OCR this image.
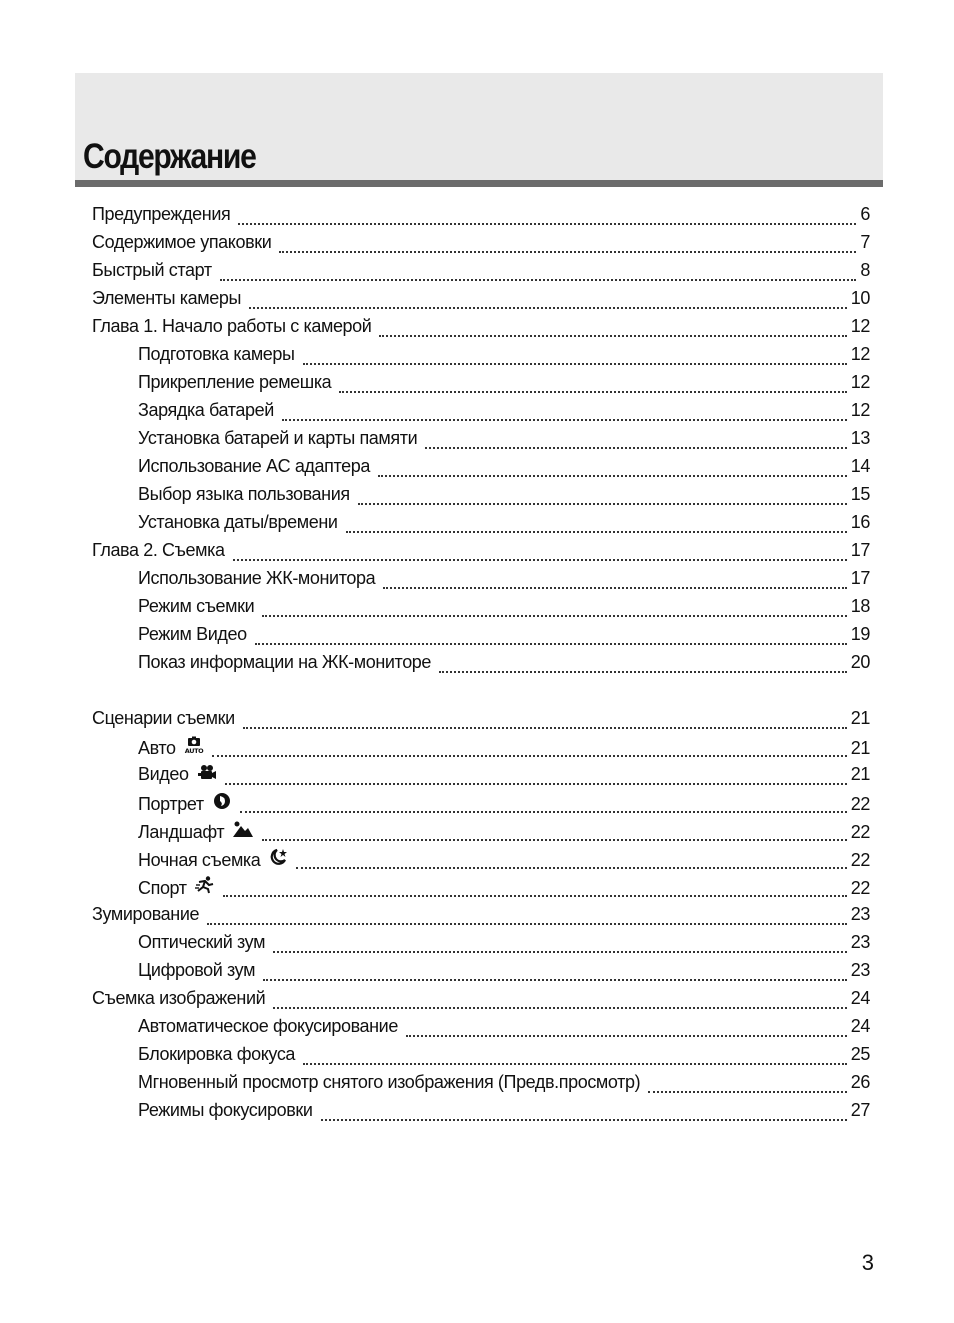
Содержание
Предупреждения	6
Содержимое упаковки	7
Быстрый старт	8
Элементы камеры	10
Глава 1. Начало работы с камерой	12
Подготовка камеры	12
Прикрепление ремешка	12
Зарядка батарей	12
Установка батарей и карты памяти	13
Использование AC адаптера	14
Выбор языка пользования	15
Установка даты/времени	16
Глава 2. Съемка	17
Использование ЖК-монитора	17
Режим съемки	18
Режим Видео	19
Показ информации на ЖК-мониторе	20
Сценарии съемки	21
Авто AUTO	21
Видео	21
Портрет	22
Ландшафт	22
Ночная съемка	22
Спорт	22
Зумирование	23
Оптический зум	23
Цифровой зум	23
Съемка изображений	24
Автоматическое фокусирование	24
Блокировка фокуса	25
Мгновенный просмотр снятого изображения (Предв.просмотр)	26
Режимы фокусировки	27
3
